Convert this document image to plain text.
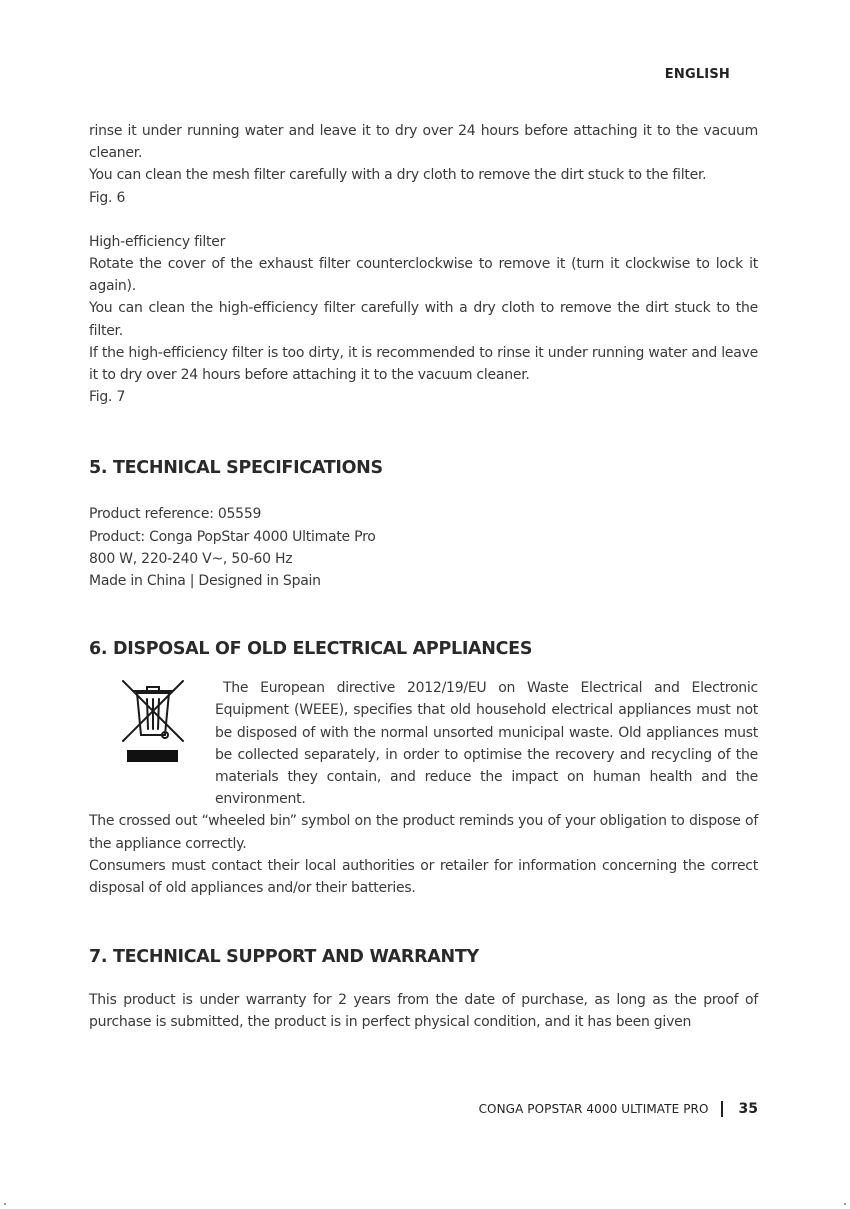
ENGLISH

rinse it under running water and leave it to dry over 24 hours before attaching it to the vacuum cleaner.

You can clean the mesh filter carefully with a dry cloth to remove the dirt stuck to the filter.

Fig. 6

High-efficiency filter

Rotate the cover of the exhaust filter counterclockwise to remove it (turn it clockwise to lock it again).

You can clean the high-efficiency filter carefully with a dry cloth to remove the dirt stuck to the filter.

If the high-efficiency filter is too dirty, it is recommended to rinse it under running water and leave it to dry over 24 hours before attaching it to the vacuum cleaner.

Fig. 7

5. TECHNICAL SPECIFICATIONS

Product reference: 05559

Product: Conga PopStar 4000 Ultimate Pro

800 W, 220-240 V~, 50-60 Hz

Made in China | Designed in Spain

6. DISPOSAL OF OLD ELECTRICAL APPLIANCES

The European directive 2012/19/EU on Waste Electrical and Electronic Equipment (WEEE), specifies that old household electrical appliances must not be disposed of with the normal unsorted municipal waste. Old appliances must be collected separately, in order to optimise the recovery and recycling of the materials they contain, and reduce the impact on human health and the environment.

The crossed out “wheeled bin” symbol on the product reminds you of your obligation to dispose of the appliance correctly.

Consumers must contact their local authorities or retailer for information concerning the correct disposal of old appliances and/or their batteries.

7. TECHNICAL SUPPORT AND WARRANTY

This product is under warranty for 2 years from the date of purchase, as long as the proof of purchase is submitted, the product is in perfect physical condition, and it has been given

CONGA POPSTAR 4000 ULTIMATE PRO 35
